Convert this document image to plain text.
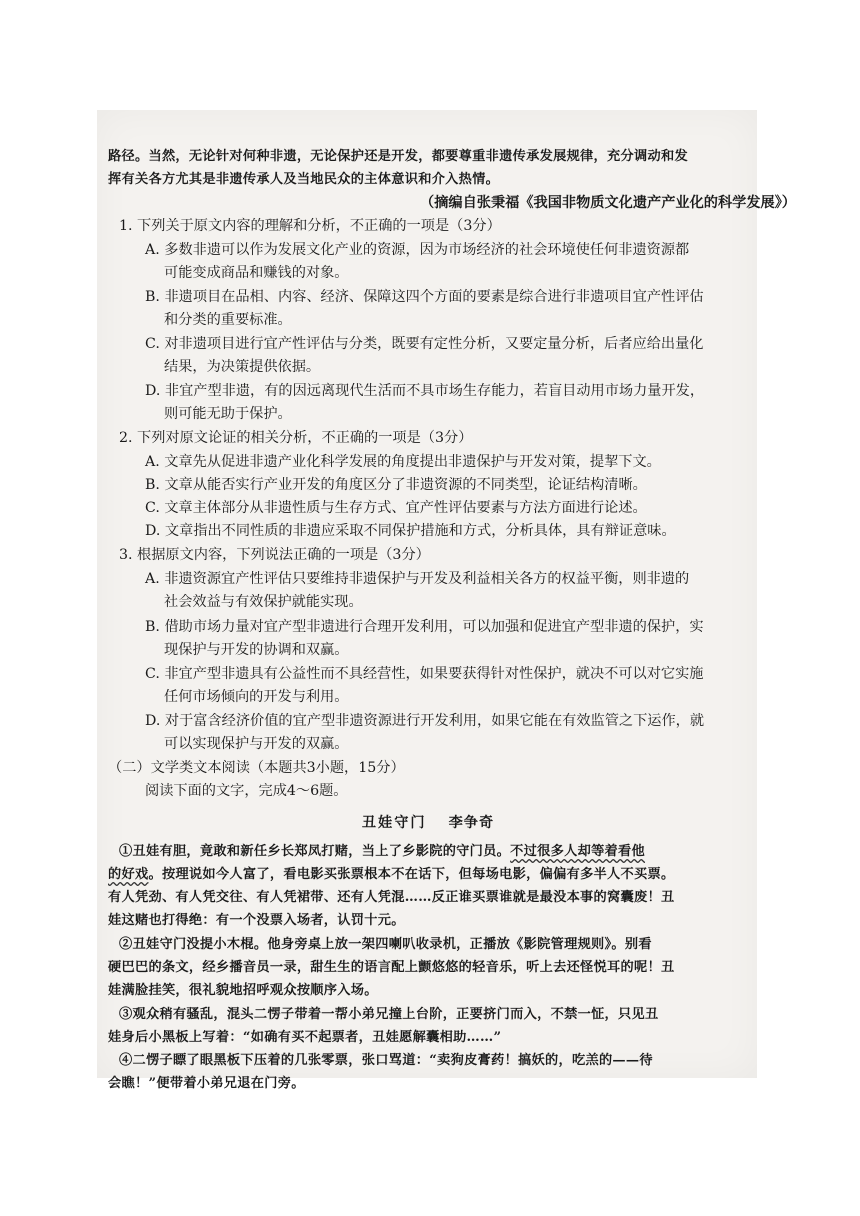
路径。当然，无论针对何种非遗，无论保护还是开发，都要尊重非遗传承发展规律，充分调动和发
挥有关各方尤其是非遗传承人及当地民众的主体意识和介入热情。
（摘编自张秉福《我国非物质文化遗产产业化的科学发展》）
1. 下列关于原文内容的理解和分析，不正确的一项是（3分）
A. 多数非遗可以作为发展文化产业的资源，因为市场经济的社会环境使任何非遗资源都
可能变成商品和赚钱的对象。
B. 非遗项目在品相、内容、经济、保障这四个方面的要素是综合进行非遗项目宜产性评估
和分类的重要标准。
C. 对非遗项目进行宜产性评估与分类，既要有定性分析，又要定量分析，后者应给出量化
结果，为决策提供依据。
D. 非宜产型非遗，有的因远离现代生活而不具市场生存能力，若盲目动用市场力量开发，
则可能无助于保护。
2. 下列对原文论证的相关分析，不正确的一项是（3分）
A. 文章先从促进非遗产业化科学发展的角度提出非遗保护与开发对策，提挈下文。
B. 文章从能否实行产业开发的角度区分了非遗资源的不同类型，论证结构清晰。
C. 文章主体部分从非遗性质与生存方式、宜产性评估要素与方法方面进行论述。
D. 文章指出不同性质的非遗应采取不同保护措施和方式，分析具体，具有辩证意味。
3. 根据原文内容，下列说法正确的一项是（3分）
A. 非遗资源宜产性评估只要维持非遗保护与开发及利益相关各方的权益平衡，则非遗的
社会效益与有效保护就能实现。
B. 借助市场力量对宜产型非遗进行合理开发利用，可以加强和促进宜产型非遗的保护，实
现保护与开发的协调和双赢。
C. 非宜产型非遗具有公益性而不具经营性，如果要获得针对性保护，就决不可以对它实施
任何市场倾向的开发与利用。
D. 对于富含经济价值的宜产型非遗资源进行开发利用，如果它能在有效监管之下运作，就
可以实现保护与开发的双赢。
（二）文学类文本阅读（本题共3小题，15分）
阅读下面的文字，完成4～6题。
丑娃守门 李争奇
①丑娃有胆，竟敢和新任乡长郑凤打赌，当上了乡影院的守门员。不过很多人却等着看他
的好戏。按理说如今人富了，看电影买张票根本不在话下，但每场电影，偏偏有多半人不买票。
有人凭劲、有人凭交往、有人凭裙带、还有人凭混……反正谁买票谁就是最没本事的窝囊废！丑
娃这赌也打得绝：有一个没票入场者，认罚十元。
②丑娃守门没提小木棍。他身旁桌上放一架四喇叭收录机，正播放《影院管理规则》。别看
硬巴巴的条文，经乡播音员一录，甜生生的语言配上颤悠悠的轻音乐，听上去还怪悦耳的呢！丑
娃满脸挂笑，很礼貌地招呼观众按顺序入场。
③观众稍有骚乱，混头二愣子带着一帮小弟兄撞上台阶，正要挤门而入，不禁一怔，只见丑
娃身后小黑板上写着：“如确有买不起票者，丑娃愿解囊相助……”
④二愣子瞟了眼黑板下压着的几张零票，张口骂道：“卖狗皮膏药！搞妖的，吃羔的——待
会瞧！”便带着小弟兄退在门旁。
